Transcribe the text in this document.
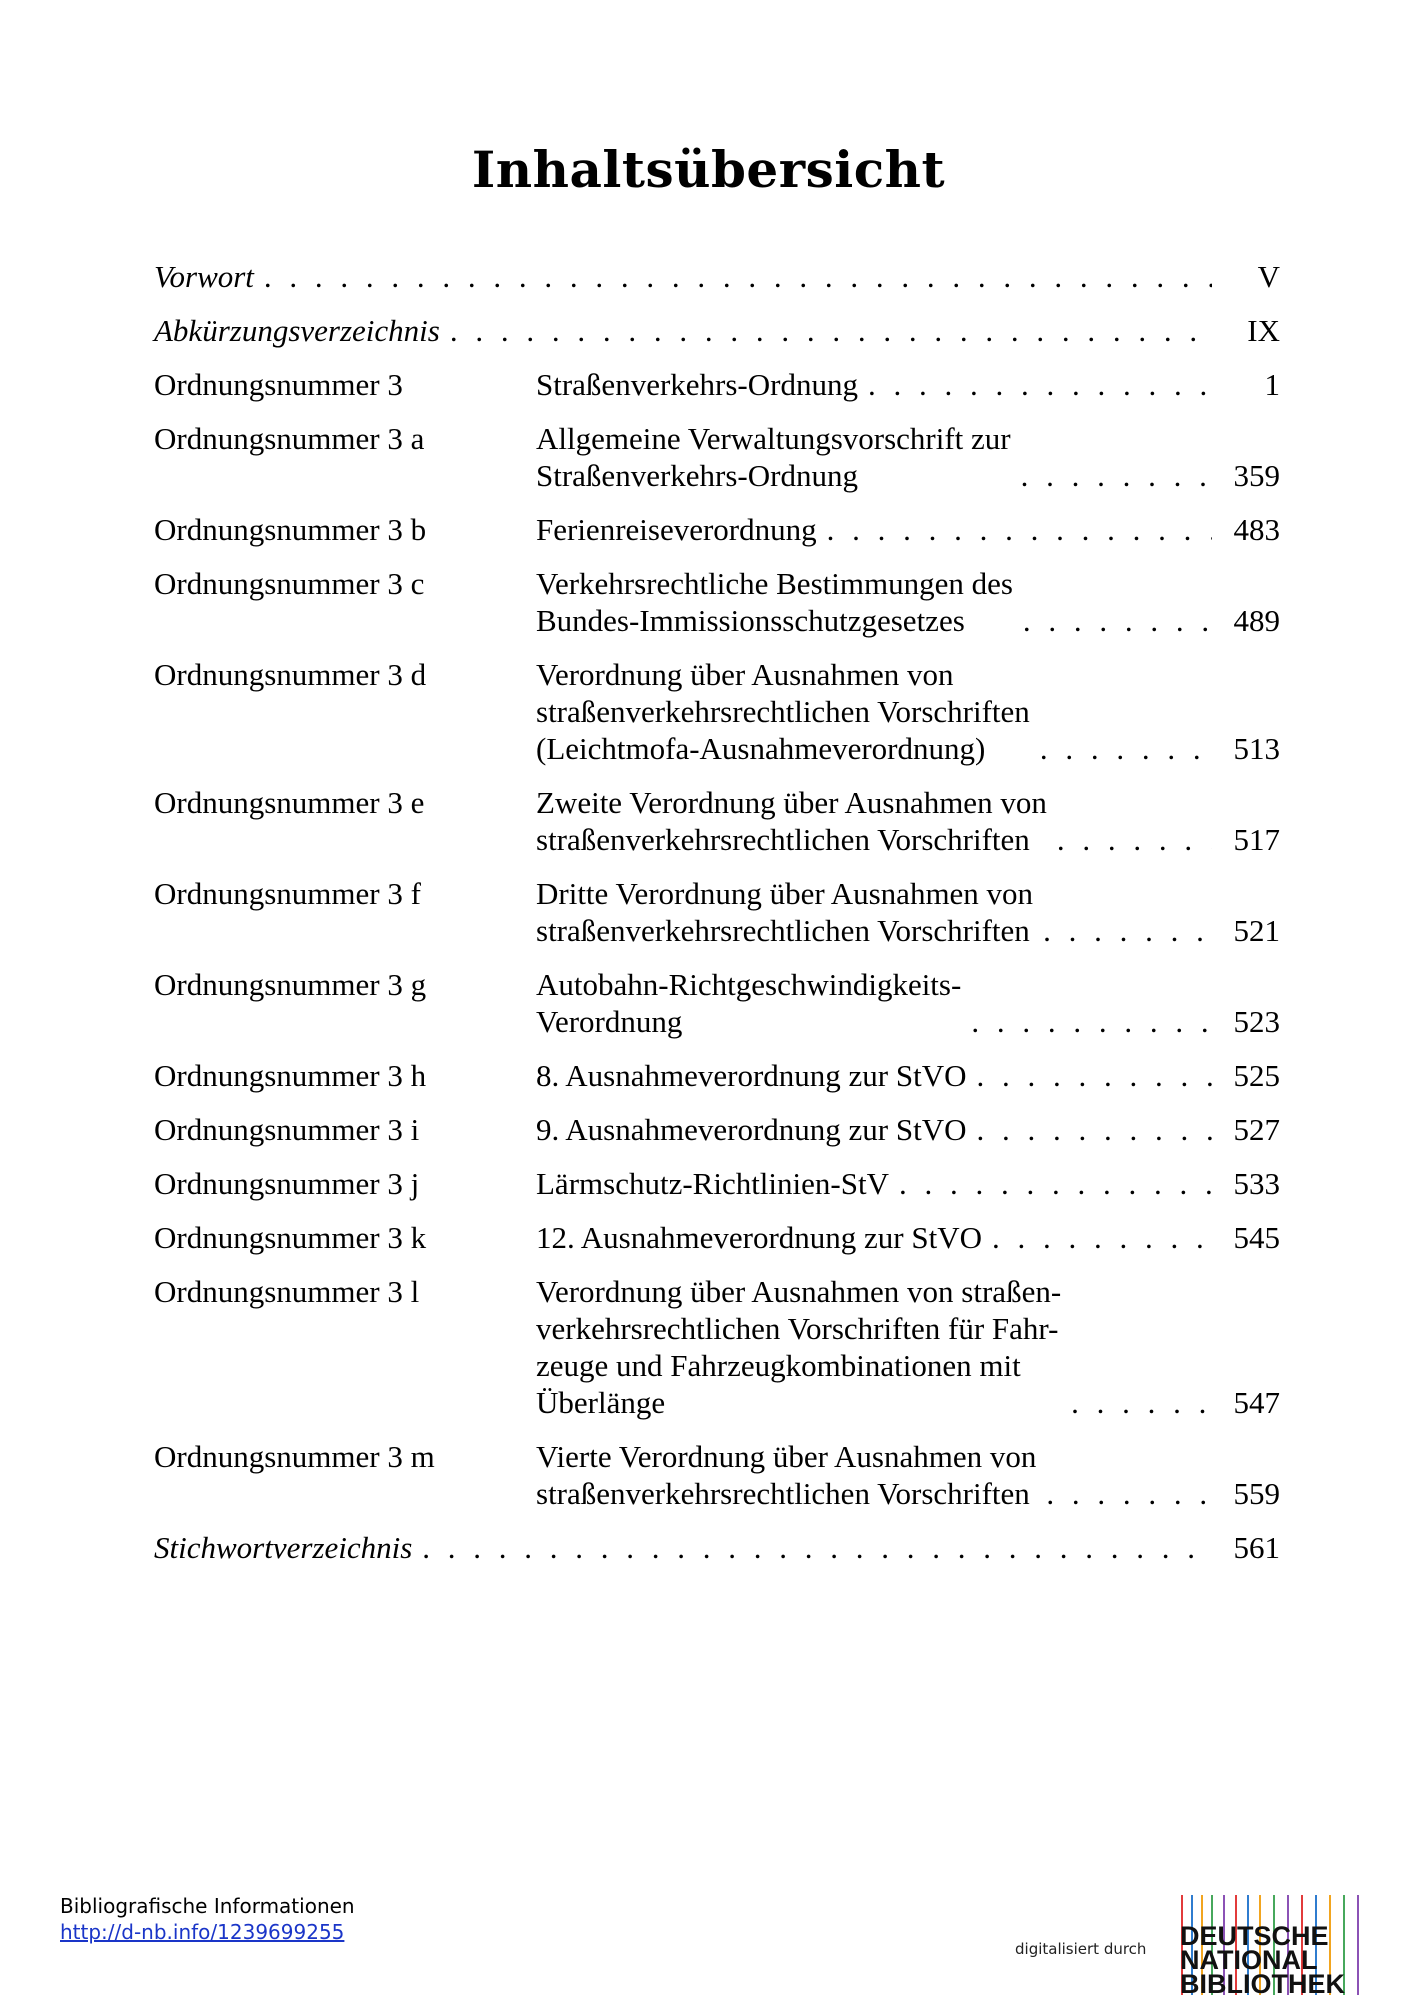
Inhaltsübersicht
Vorwort . . .	V
Abkürzungsverzeichnis . . .	IX
Ordnungsnummer 3	Straßenverkehrs-Ordnung . . .	1
Ordnungsnummer 3 a	Allgemeine Verwaltungsvorschrift zur
Straßenverkehrs-Ordnung . . .	359
Ordnungsnummer 3 b	Ferienreiseverordnung . . .	483
Ordnungsnummer 3 c	Verkehrsrechtliche Bestimmungen des
Bundes-Immissionsschutzgesetzes . . .	489
Ordnungsnummer 3 d	Verordnung über Ausnahmen von
straßenverkehrsrechtlichen Vorschriften
(Leichtmofa-Ausnahmeverordnung) . . .	513
Ordnungsnummer 3 e	Zweite Verordnung über Ausnahmen von
straßenverkehrsrechtlichen Vorschriften . . .	517
Ordnungsnummer 3 f	Dritte Verordnung über Ausnahmen von
straßenverkehrsrechtlichen Vorschriften . . .	521
Ordnungsnummer 3 g	Autobahn-Richtgeschwindigkeits-
Verordnung . . .	523
Ordnungsnummer 3 h	8. Ausnahmeverordnung zur StVO . . .	525
Ordnungsnummer 3 i	9. Ausnahmeverordnung zur StVO . . .	527
Ordnungsnummer 3 j	Lärmschutz-Richtlinien-StV . . .	533
Ordnungsnummer 3 k	12. Ausnahmeverordnung zur StVO . . .	545
Ordnungsnummer 3 l	Verordnung über Ausnahmen von straßen-
verkehrsrechtlichen Vorschriften für Fahr-
zeuge und Fahrzeugkombinationen mit
Überlänge . . .	547
Ordnungsnummer 3 m	Vierte Verordnung über Ausnahmen von
straßenverkehrsrechtlichen Vorschriften . . .	559
Stichwortverzeichnis . . .	561
Bibliografische Informationen
http://d-nb.info/1239699255
digitalisiert durch DEUTSCHE
NATIONAL
BIBLIOTHEK
